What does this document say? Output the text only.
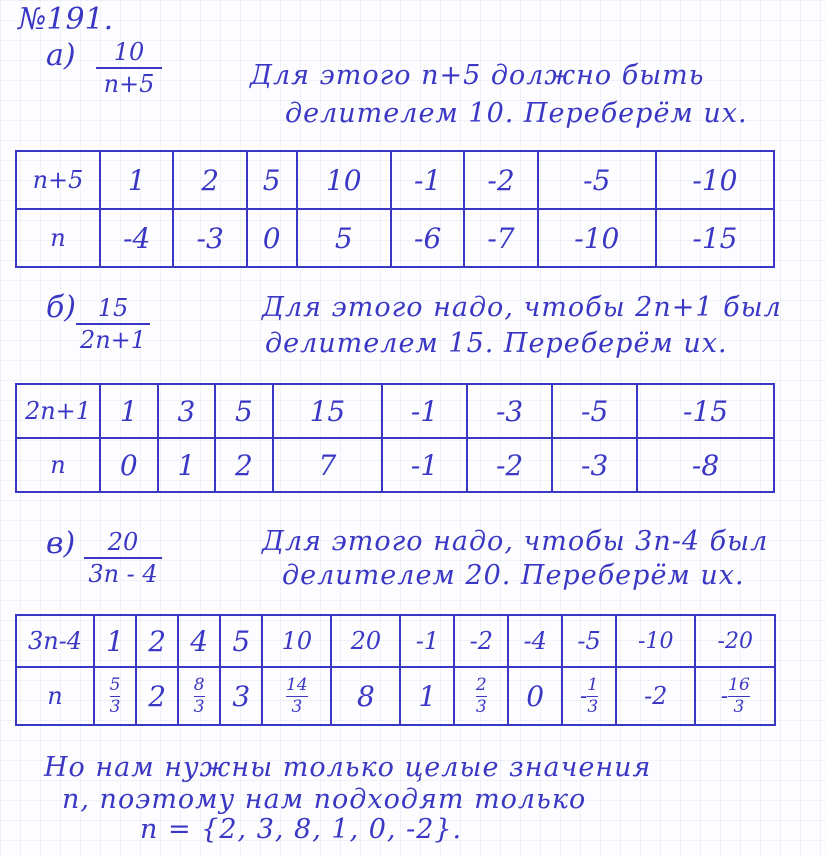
№191.
а)	10
n+5	Для этого n+5 должно быть
делителем 10. Переберём их.
n+5	1	2	5	10	-1	-2	-5	-10
n	-4	-3	0	5	-6	-7	-10	-15
б) 15
2n+1
Для этого надо, чтобы 2n+1 был
делителем 15. Переберём их.
2n+1	1	3	5	15	-1	-3	-5	-15
n	0	1	2	7	-1	-2	-3	-8
в)	20
3n - 4
Для этого надо, чтобы 3n-4 был
делителем 20. Переберём их.
3n-4	1	2	4	5	10	20	-1	-2	-4	-5	-10	-20
n	$\frac{5}{3}$	2	$\frac{8}{3}$	3	$\frac{14}{3}$	8	1	$\frac{2}{3}$	0	- $\frac{1}{3}$	-2	- $\frac{16}{3}$
Но нам нужны только целые значения
n, поэтому нам подходят только
n = {2, 3, 8, 1, 0, -2}.
